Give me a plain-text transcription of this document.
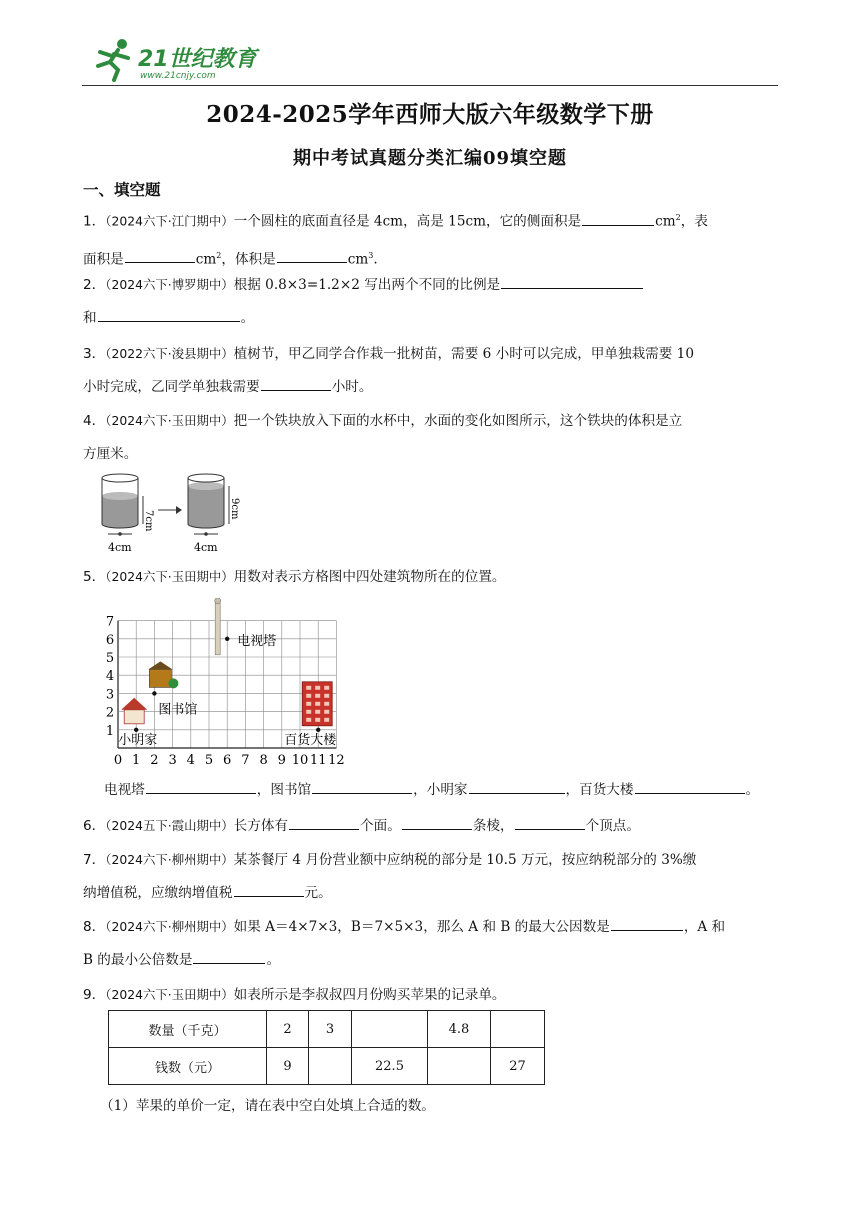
21世纪教育
www.21cnjy.com
2024-2025学年西师大版六年级数学下册
期中考试真题分类汇编09填空题
一、填空题
1．（2024六下·江门期中）一个圆柱的底面直径是 4cm，高是 15cm，它的侧面积是	$cm^2$，表
面积是	$cm^2$，体积是	$cm^3$.
2．（2024六下·博罗期中）根据 0.8×3=1.2×2 写出两个不同的比例是
和	。
3．（2022六下·浚县期中）植树节，甲乙同学合作栽一批树苗，需要 6 小时可以完成，甲单独栽需要 10
小时完成，乙同学单独栽需要	小时。
4．（2024六下·玉田期中）把一个铁块放入下面的水杯中，水面的变化如图所示，这个铁块的体积是立
方厘米。
7cm
4cm
9cm
4cm
5．（2024六下·玉田期中）用数对表示方格图中四处建筑物所在的位置。
0 1 2 3 4 5 6 7 8 9 10 11 12
1
2
3
4
5
6
7
电视塔
图书馆
小明家	百货大楼
电视塔	，图书馆	，小明家	，百货大楼	。
6．（2024五下·霞山期中）长方体有	个面。	条棱，	个顶点。
7．（2024六下·柳州期中）某茶餐厅 4 月份营业额中应纳税的部分是 10.5 万元，按应纳税部分的 3%缴
纳增值税，应缴纳增值税	元。
8．（2024六下·柳州期中）如果 A＝4×7×3，B＝7×5×3，那么 A 和 B 的最大公因数是	，A 和
B 的最小公倍数是	。
9．（2024六下·玉田期中）如表所示是李叔叔四月份购买苹果的记录单。
数量（千克）	2	3		4.8	
钱数（元）	9		22.5		27
（1）苹果的单价一定，请在表中空白处填上合适的数。
